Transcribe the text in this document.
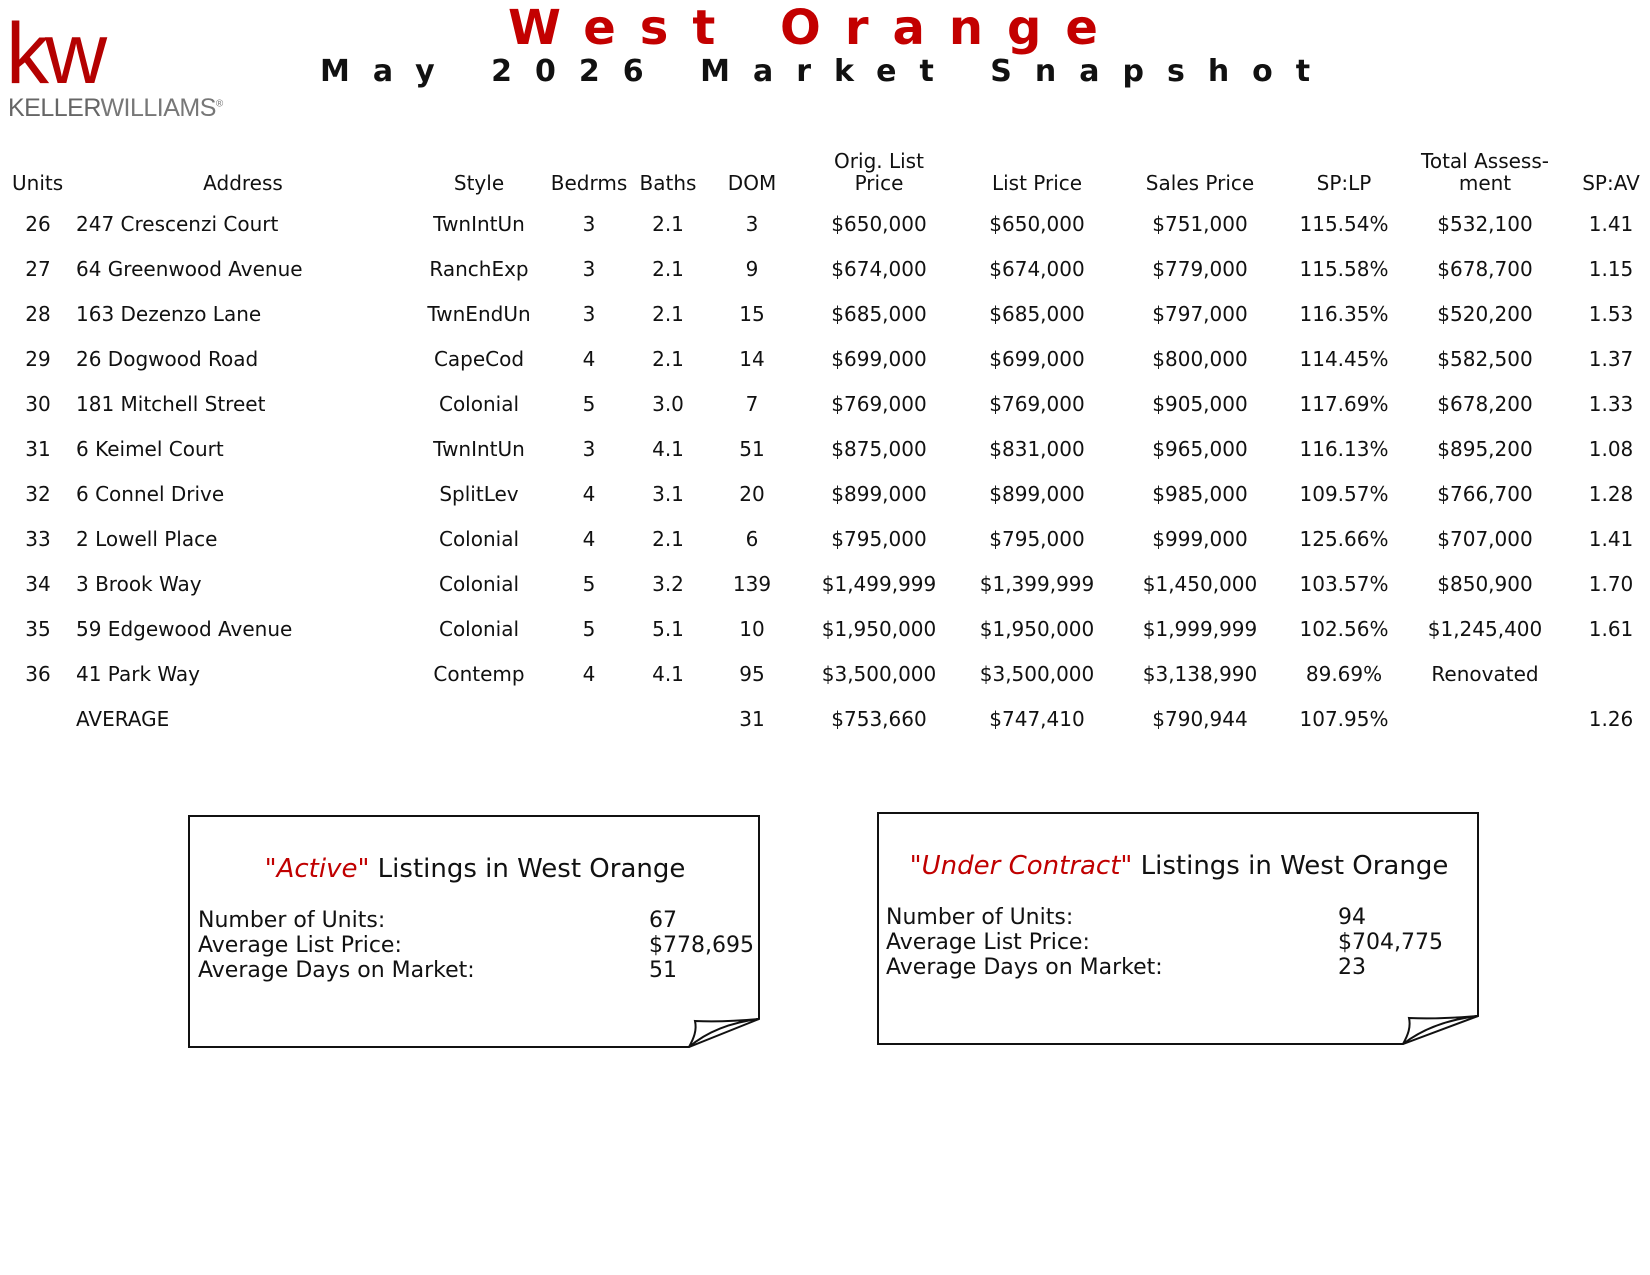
kw
KELLERWILLIAMS®
West Orange
May 2026 Market Snapshot
Units	Address	Style Bedrms Baths DOM
Orig. List
Price	List Price	Sales Price	SP:LP
Total Assess-
ment	SP:AV
26 247 Crescenzi Court	TwnIntUn	3	2.1	3	$650,000	$650,000	$751,000	115.54% $532,100	1.41
27 64 Greenwood Avenue	RanchExp	3	2.1	9	$674,000	$674,000	$779,000	115.58% $678,700	1.15
28 163 Dezenzo Lane	TwnEndUn	3	2.1	15	$685,000	$685,000	$797,000	116.35% $520,200	1.53
29 26 Dogwood Road	CapeCod	4	2.1	14	$699,000	$699,000	$800,000	114.45% $582,500	1.37
30 181 Mitchell Street	Colonial	5	3.0	7	$769,000	$769,000	$905,000	117.69% $678,200	1.33
31 6 Keimel Court	TwnIntUn	3	4.1	51	$875,000	$831,000	$965,000	116.13% $895,200	1.08
32 6 Connel Drive	SplitLev	4	3.1	20	$899,000	$899,000	$985,000	109.57% $766,700	1.28
33 2 Lowell Place	Colonial	4	2.1	6	$795,000	$795,000	$999,000	125.66% $707,000	1.41
34 3 Brook Way	Colonial	5	3.2 139	$1,499,999 $1,399,999 $1,450,000 103.57% $850,900	1.70
35 59 Edgewood Avenue	Colonial	5	5.1	10	$1,950,000 $1,950,000 $1,999,999 102.56% $1,245,400 1.61
36 41 Park Way	Contemp	4	4.1	95	$3,500,000 $3,500,000 $3,138,990 89.69% Renovated
AVERAGE	31	$753,660	$747,410	$790,944	107.95%	1.26
"Active" Listings in West Orange
Number of Units:	67
Average List Price:	$778,695
Average Days on Market:	51
"Under Contract" Listings in West Orange
Number of Units:	94
Average List Price:	$704,775
Average Days on Market:	23
